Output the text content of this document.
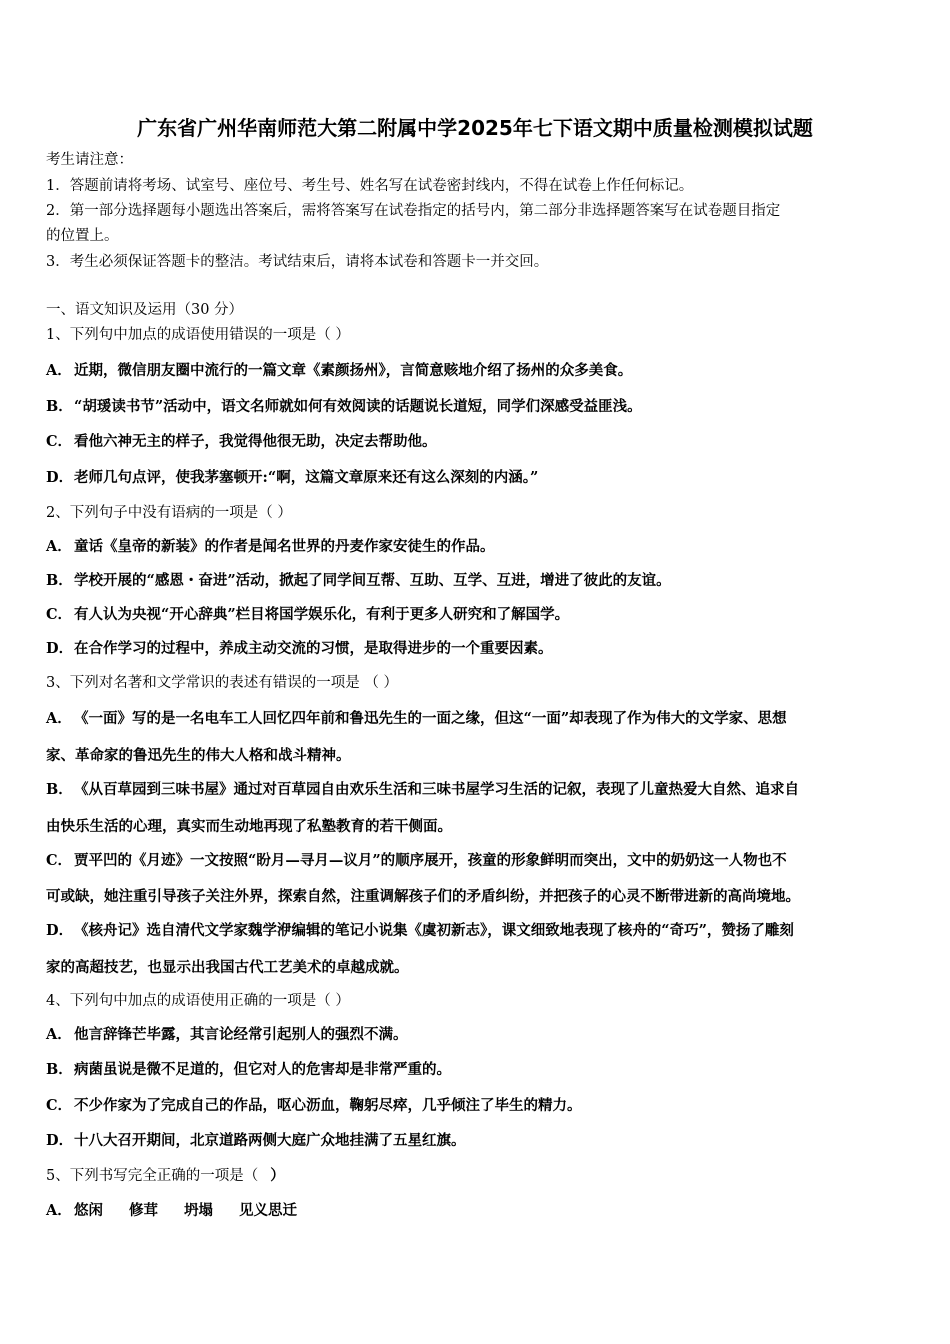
广东省广州华南师范大第二附属中学2025年七下语文期中质量检测模拟试题
考生请注意：
1．答题前请将考场、试室号、座位号、考生号、姓名写在试卷密封线内，不得在试卷上作任何标记。
2．第一部分选择题每小题选出答案后，需将答案写在试卷指定的括号内，第二部分非选择题答案写在试卷题目指定
的位置上。
3．考生必须保证答题卡的整洁。考试结束后，请将本试卷和答题卡一并交回。
一、语文知识及运用（30 分）
1、下列句中加点的成语使用错误的一项是（ ）
A． 近期，微信朋友圈中流行的一篇文章《素颜扬州》，言简意赅地介绍了扬州的众多美食。
B．“胡瑗读书节”活动中，语文名师就如何有效阅读的话题说长道短，同学们深感受益匪浅。
C． 看他六神无主的样子，我觉得他很无助，决定去帮助他。
D．老师几句点评，使我茅塞顿开:“啊，这篇文章原来还有这么深刻的内涵。”
2、下列句子中没有语病的一项是（ ）
A． 童话《皇帝的新装》的作者是闻名世界的丹麦作家安徒生的作品。
B．学校开展的“感恩・奋进”活动，掀起了同学间互帮、互助、互学、互进，增进了彼此的友谊。
C． 有人认为央视“开心辞典”栏目将国学娱乐化，有利于更多人研究和了解国学。
D．在合作学习的过程中，养成主动交流的习惯，是取得进步的一个重要因素。
3、下列对名著和文学常识的表述有错误的一项是 （ ）
A． 《一面》写的是一名电车工人回忆四年前和鲁迅先生的一面之缘，但这“一面”却表现了作为伟大的文学家、思想
家、革命家的鲁迅先生的伟大人格和战斗精神。
B．《从百草园到三味书屋》通过对百草园自由欢乐生活和三味书屋学习生活的记叙，表现了儿童热爱大自然、追求自
由快乐生活的心理，真实而生动地再现了私塾教育的若干侧面。
C． 贾平凹的《月迹》一文按照“盼月—寻月—议月”的顺序展开，孩童的形象鲜明而突出，文中的奶奶这一人物也不
可或缺，她注重引导孩子关注外界，探索自然，注重调解孩子们的矛盾纠纷，并把孩子的心灵不断带进新的高尚境地。
D．《核舟记》选自清代文学家魏学洢编辑的笔记小说集《虞初新志》，课文细致地表现了核舟的“奇巧”，赞扬了雕刻
家的高超技艺，也显示出我国古代工艺美术的卓越成就。
4、下列句中加点的成语使用正确的一项是（ ）
A． 他言辞锋芒毕露，其言论经常引起别人的强烈不满。
B．病菌虽说是微不足道的，但它对人的危害却是非常严重的。
C． 不少作家为了完成自己的作品，呕心沥血，鞠躬尽瘁，几乎倾注了毕生的精力。
D．十八大召开期间，北京道路两侧大庭广众地挂满了五星红旗。
5、下列书写完全正确的一项是（ ）
A． 悠闲 修茸 坍塌 见义思迁
